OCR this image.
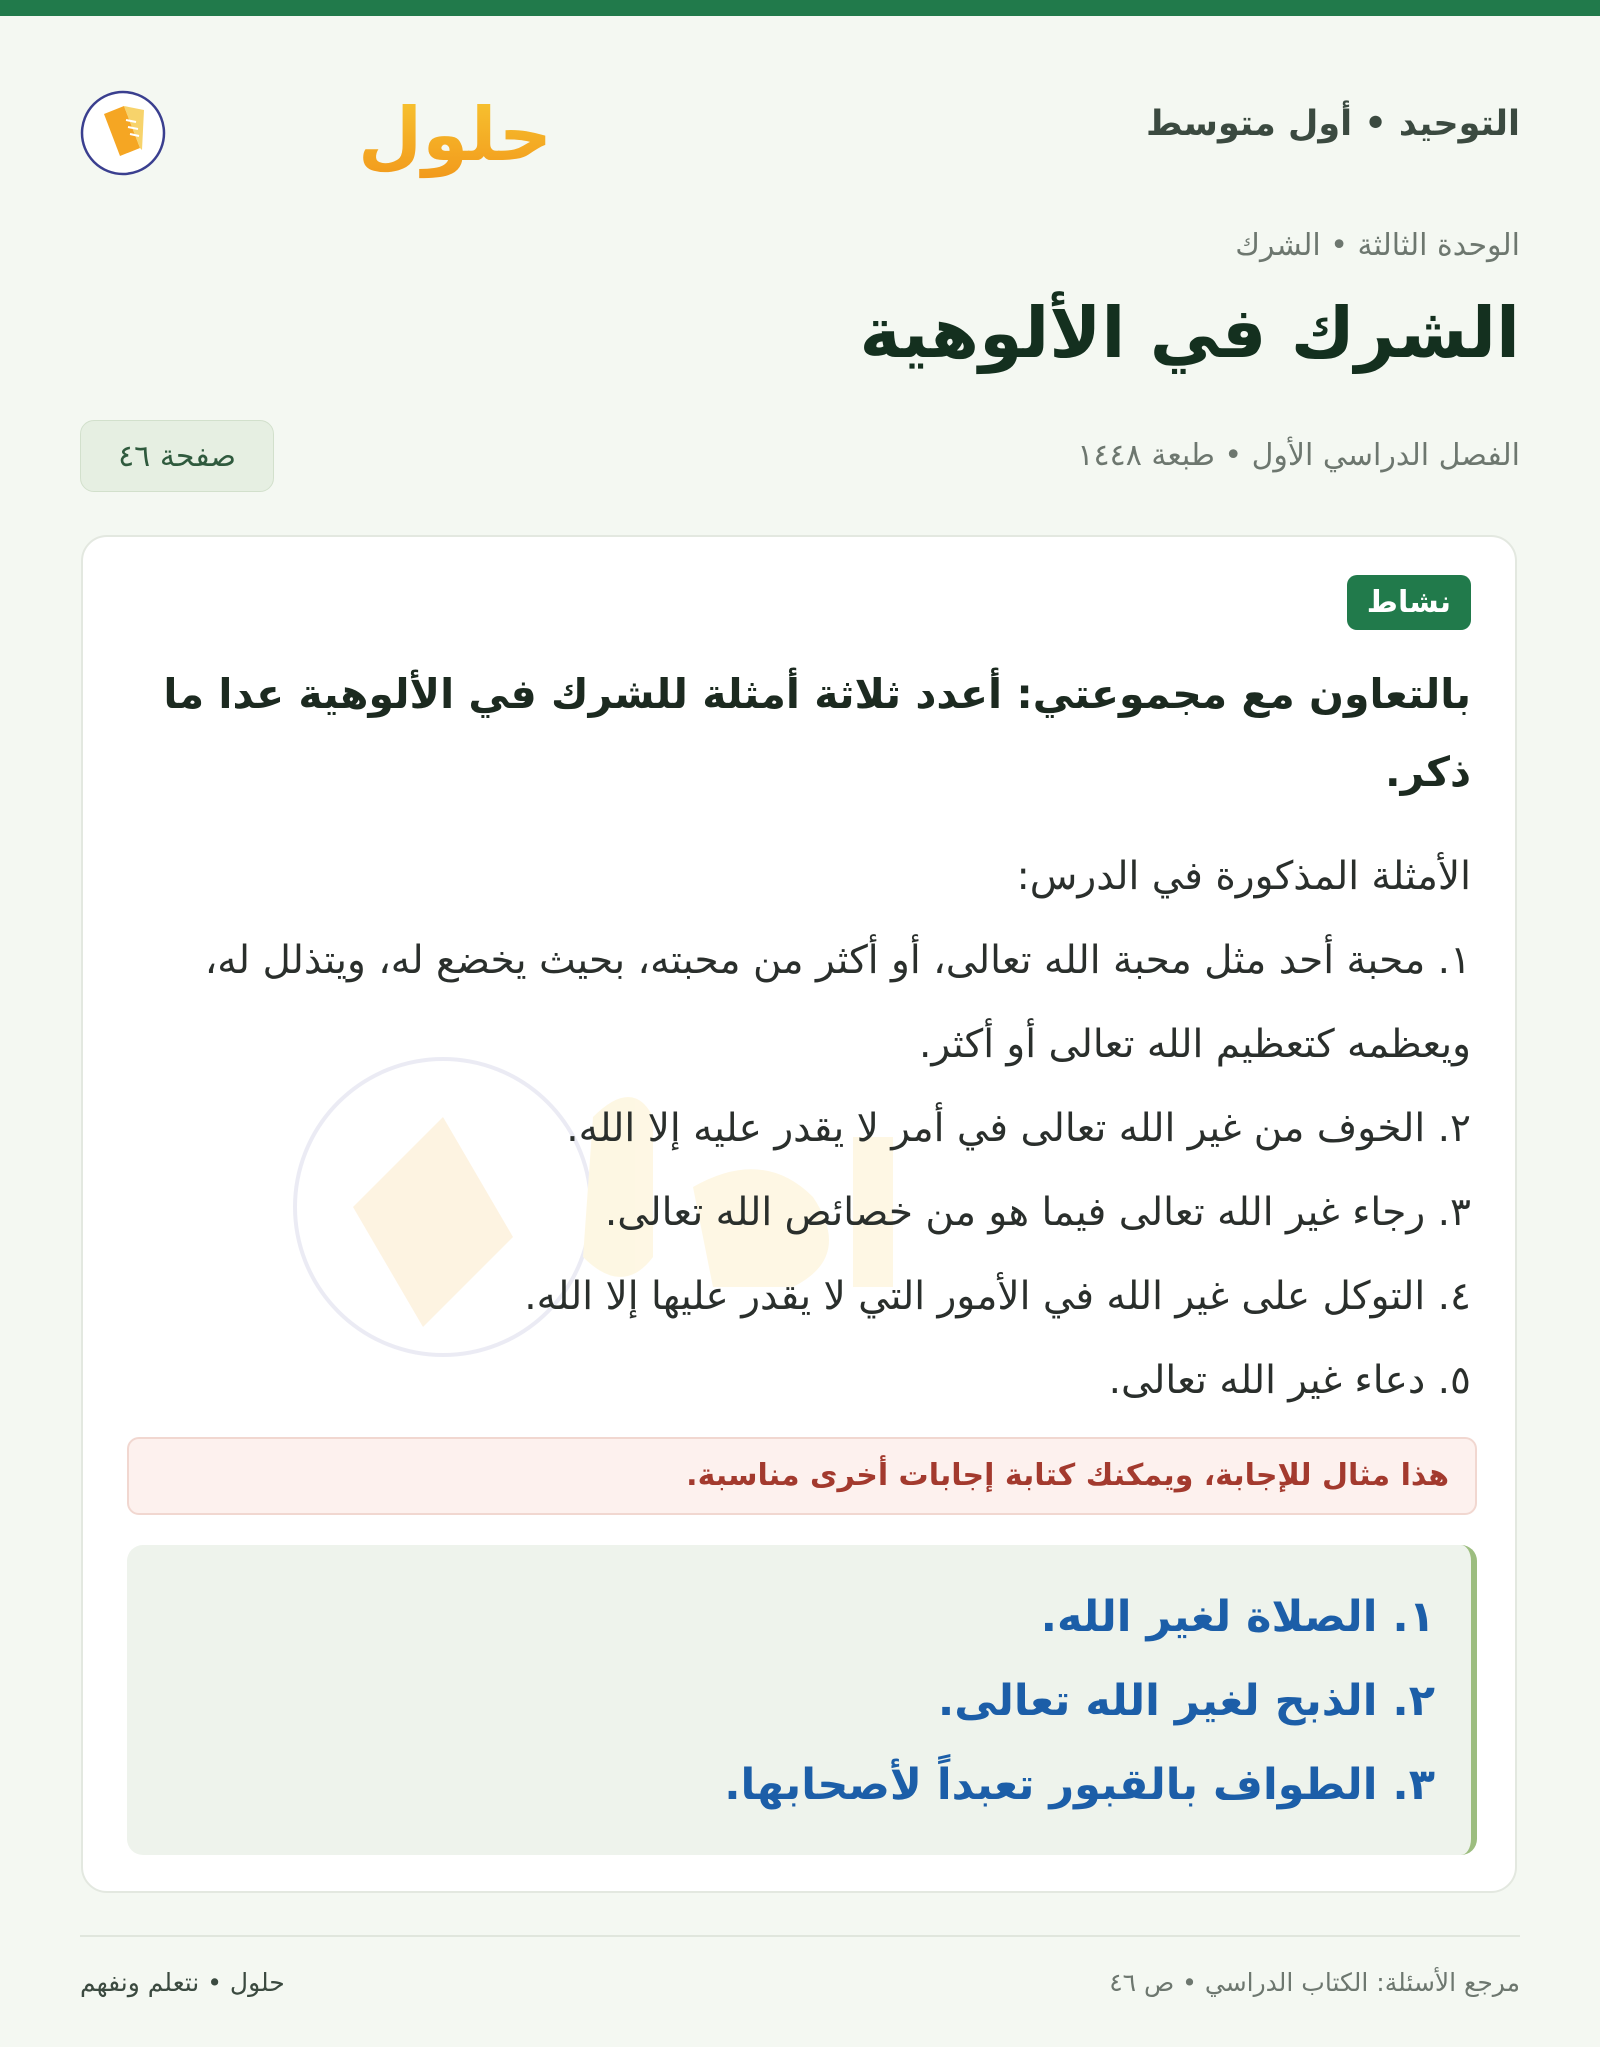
حلول	التوحيد • أول متوسط
الوحدة الثالثة • الشرك
الشرك في الألوهية
الفصل الدراسي الأول • طبعة ١٤٤٨
صفحة ٤٦
نشاط
بالتعاون مع مجموعتي: أعدد ثلاثة أمثلة للشرك في الألوهية عدا ما ذكر.
الأمثلة المذكورة في الدرس:
١. محبة أحد مثل محبة الله تعالى، أو أكثر من محبته، بحيث يخضع له، ويتذلل له، ويعظمه كتعظيم الله تعالى أو أكثر.
٢. الخوف من غير الله تعالى في أمر لا يقدر عليه إلا الله.
٣. رجاء غير الله تعالى فيما هو من خصائص الله تعالى.
٤. التوكل على غير الله في الأمور التي لا يقدر عليها إلا الله.
٥. دعاء غير الله تعالى.
هذا مثال للإجابة، ويمكنك كتابة إجابات أخرى مناسبة.
١. الصلاة لغير الله.
٢. الذبح لغير الله تعالى.
٣. الطواف بالقبور تعبداً لأصحابها.
مرجع الأسئلة: الكتاب الدراسي • ص ٤٦
حلول • نتعلم ونفهم
